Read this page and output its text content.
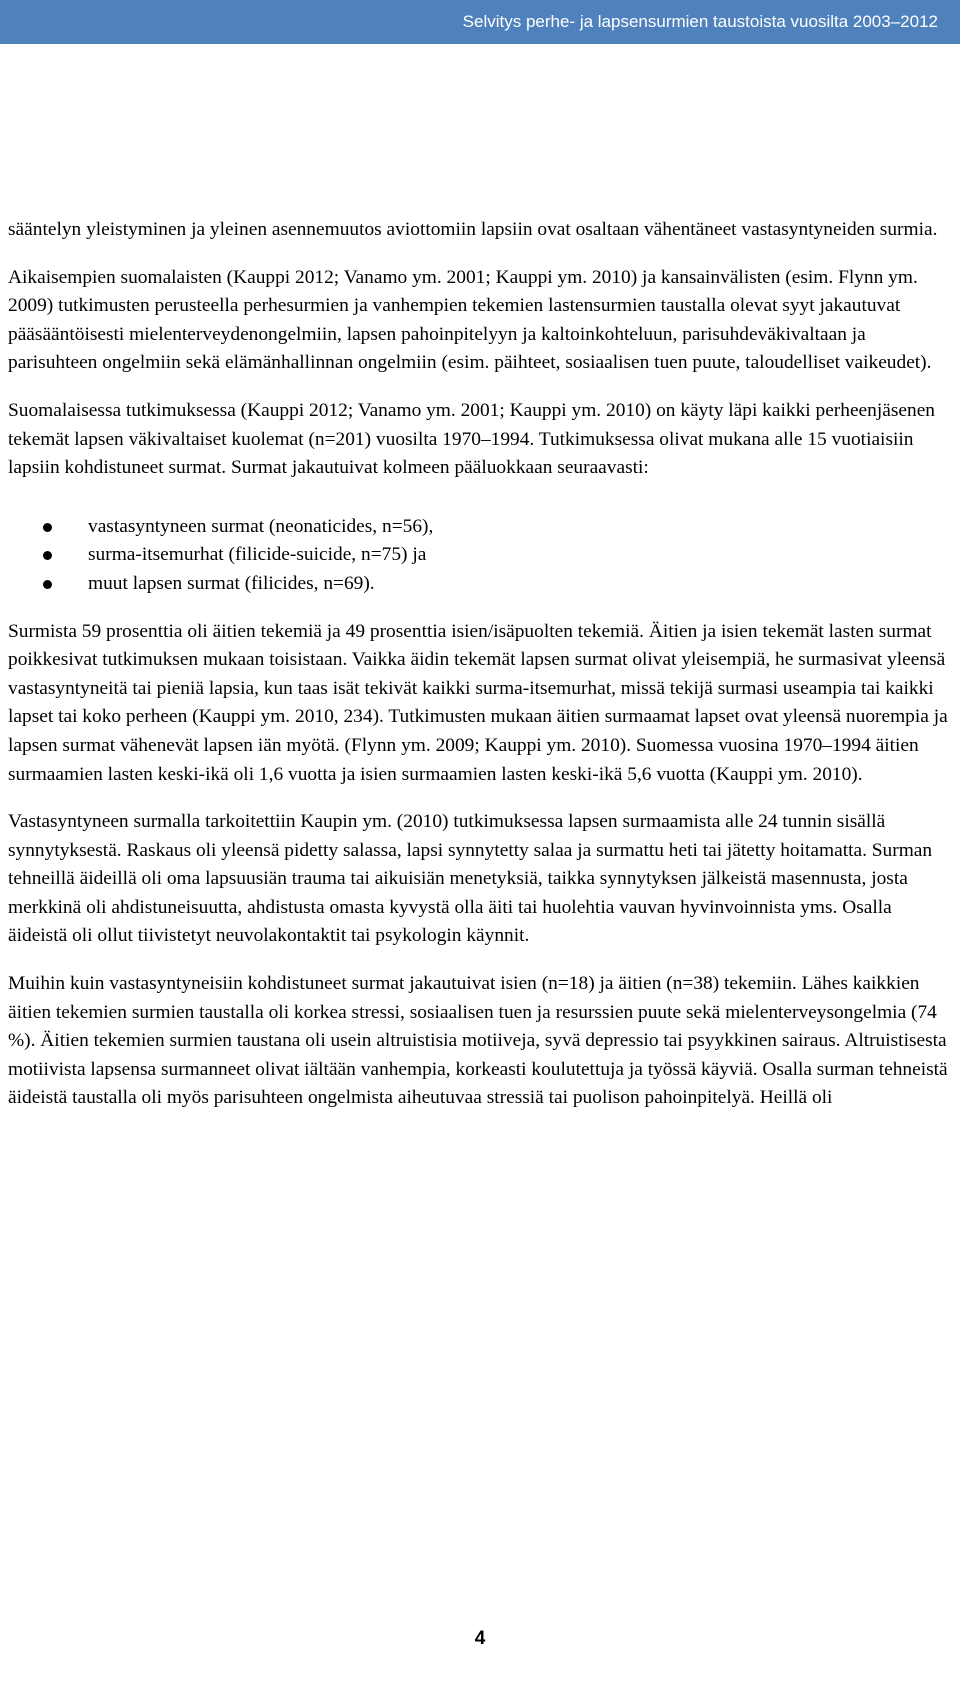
Selvitys perhe- ja lapsensurmien taustoista vuosilta 2003–2012

sääntelyn yleistyminen ja yleinen asennemuutos aviottomiin lapsiin ovat osaltaan vähentäneet vastasyntyneiden surmia.

Aikaisempien suomalaisten (Kauppi 2012; Vanamo ym. 2001; Kauppi ym. 2010) ja kansainvälisten (esim. Flynn ym. 2009) tutkimusten perusteella perhesurmien ja vanhempien tekemien lastensurmien taustalla olevat syyt jakautuvat pääsääntöisesti mielenterveydenongelmiin, lapsen pahoinpitelyyn ja kaltoinkohteluun, parisuhdeväkivaltaan ja parisuhteen ongelmiin sekä elämänhallinnan ongelmiin (esim. päihteet, sosiaalisen tuen puute, taloudelliset vaikeudet).

Suomalaisessa tutkimuksessa (Kauppi 2012; Vanamo ym. 2001; Kauppi ym. 2010) on käyty läpi kaikki perheenjäsenen tekemät lapsen väkivaltaiset kuolemat (n=201) vuosilta 1970–1994. Tutkimuksessa olivat mukana alle 15 vuotiaisiin lapsiin kohdistuneet surmat. Surmat jakautuivat kolmeen pääluokkaan seuraavasti:

vastasyntyneen surmat (neonaticides, n=56),
surma-itsemurhat (filicide-suicide, n=75) ja
muut lapsen surmat (filicides, n=69).

Surmista 59 prosenttia oli äitien tekemiä ja 49 prosenttia isien/isäpuolten tekemiä. Äitien ja isien tekemät lasten surmat poikkesivat tutkimuksen mukaan toisistaan. Vaikka äidin tekemät lapsen surmat olivat yleisempiä, he surmasivat yleensä vastasyntyneitä tai pieniä lapsia, kun taas isät tekivät kaikki surma-itsemurhat, missä tekijä surmasi useampia tai kaikki lapset tai koko perheen (Kauppi ym. 2010, 234). Tutkimusten mukaan äitien surmaamat lapset ovat yleensä nuorempia ja lapsen surmat vähenevät lapsen iän myötä. (Flynn ym. 2009; Kauppi ym. 2010). Suomessa vuosina 1970–1994 äitien surmaamien lasten keski-ikä oli 1,6 vuotta ja isien surmaamien lasten keski-ikä 5,6 vuotta (Kauppi ym. 2010).

Vastasyntyneen surmalla tarkoitettiin Kaupin ym. (2010) tutkimuksessa lapsen surmaamista alle 24 tunnin sisällä synnytyksestä. Raskaus oli yleensä pidetty salassa, lapsi synnytetty salaa ja surmattu heti tai jätetty hoitamatta. Surman tehneillä äideillä oli oma lapsuusiän trauma tai aikuisiän menetyksiä, taikka synnytyksen jälkeistä masennusta, josta merkkinä oli ahdistuneisuutta, ahdistusta omasta kyvystä olla äiti tai huolehtia vauvan hyvinvoinnista yms. Osalla äideistä oli ollut tiivistetyt neuvolakontaktit tai psykologin käynnit.

Muihin kuin vastasyntyneisiin kohdistuneet surmat jakautuivat isien (n=18) ja äitien (n=38) tekemiin. Lähes kaikkien äitien tekemien surmien taustalla oli korkea stressi, sosiaalisen tuen ja resurssien puute sekä mielenterveysongelmia (74 %). Äitien tekemien surmien taustana oli usein altruistisia motiiveja, syvä depressio tai psyykkinen sairaus. Altruistisesta motiivista lapsensa surmanneet olivat iältään vanhempia, korkeasti koulutettuja ja työssä käyviä. Osalla surman tehneistä äideistä taustalla oli myös parisuhteen ongelmista aiheutuvaa stressiä tai puolison pahoinpitelyä. Heillä oli

4
